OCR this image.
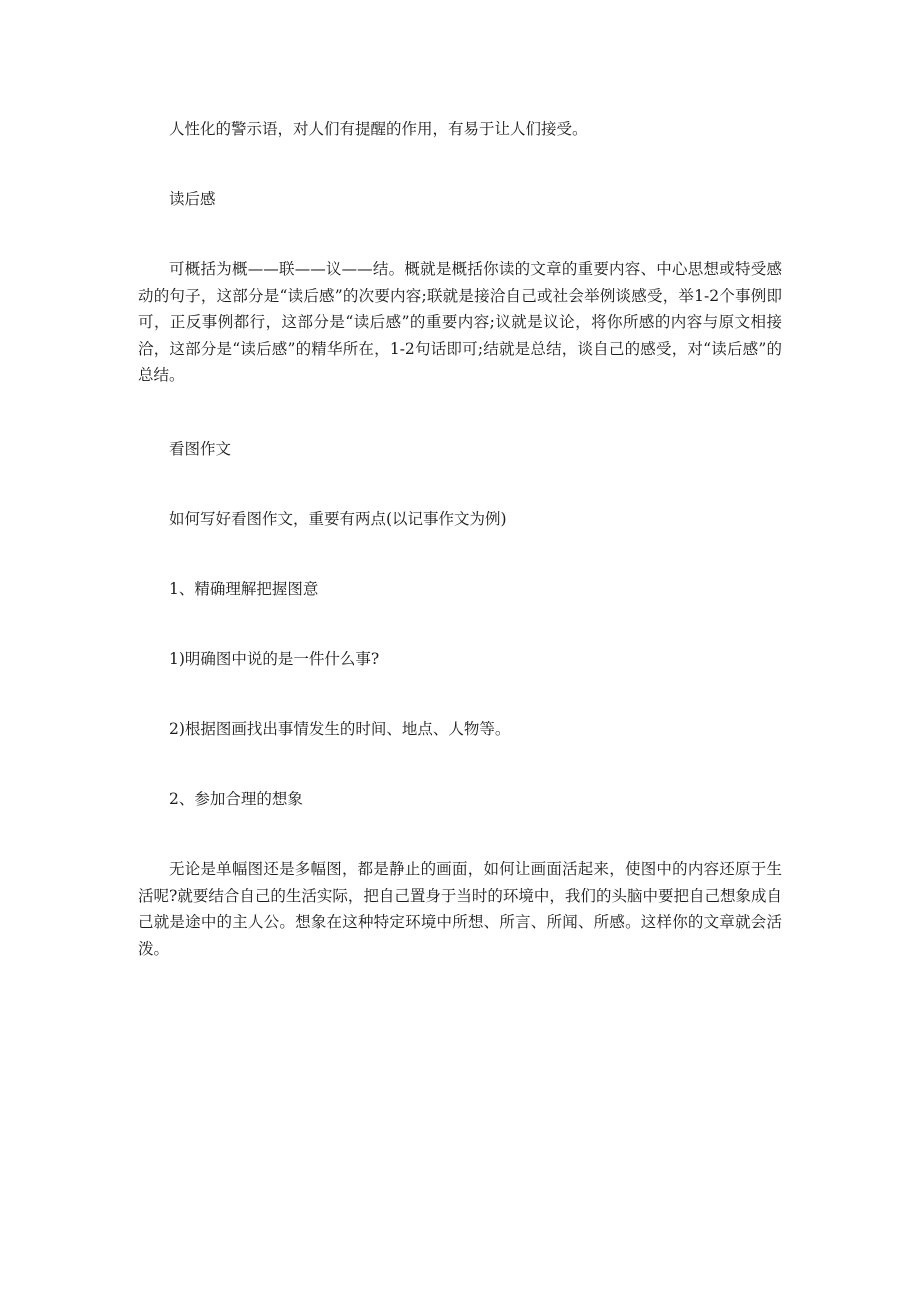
人性化的警示语，对人们有提醒的作用，有易于让人们接受。

读后感

可概括为概——联——议——结。概就是概括你读的文章的重要内容、中心思想或特受感动的句子，这部分是“读后感”的次要内容;联就是接洽自己或社会举例谈感受，举1-2个事例即可，正反事例都行，这部分是“读后感”的重要内容;议就是议论，将你所感的内容与原文相接洽，这部分是“读后感”的精华所在，1-2句话即可;结就是总结，谈自己的感受，对“读后感”的总结。

看图作文

如何写好看图作文，重要有两点(以记事作文为例)

1、精确理解把握图意

1)明确图中说的是一件什么事?

2)根据图画找出事情发生的时间、地点、人物等。

2、参加合理的想象

无论是单幅图还是多幅图，都是静止的画面，如何让画面活起来，使图中的内容还原于生活呢?就要结合自己的生活实际，把自己置身于当时的环境中，我们的头脑中要把自己想象成自己就是途中的主人公。想象在这种特定环境中所想、所言、所闻、所感。这样你的文章就会活泼。
